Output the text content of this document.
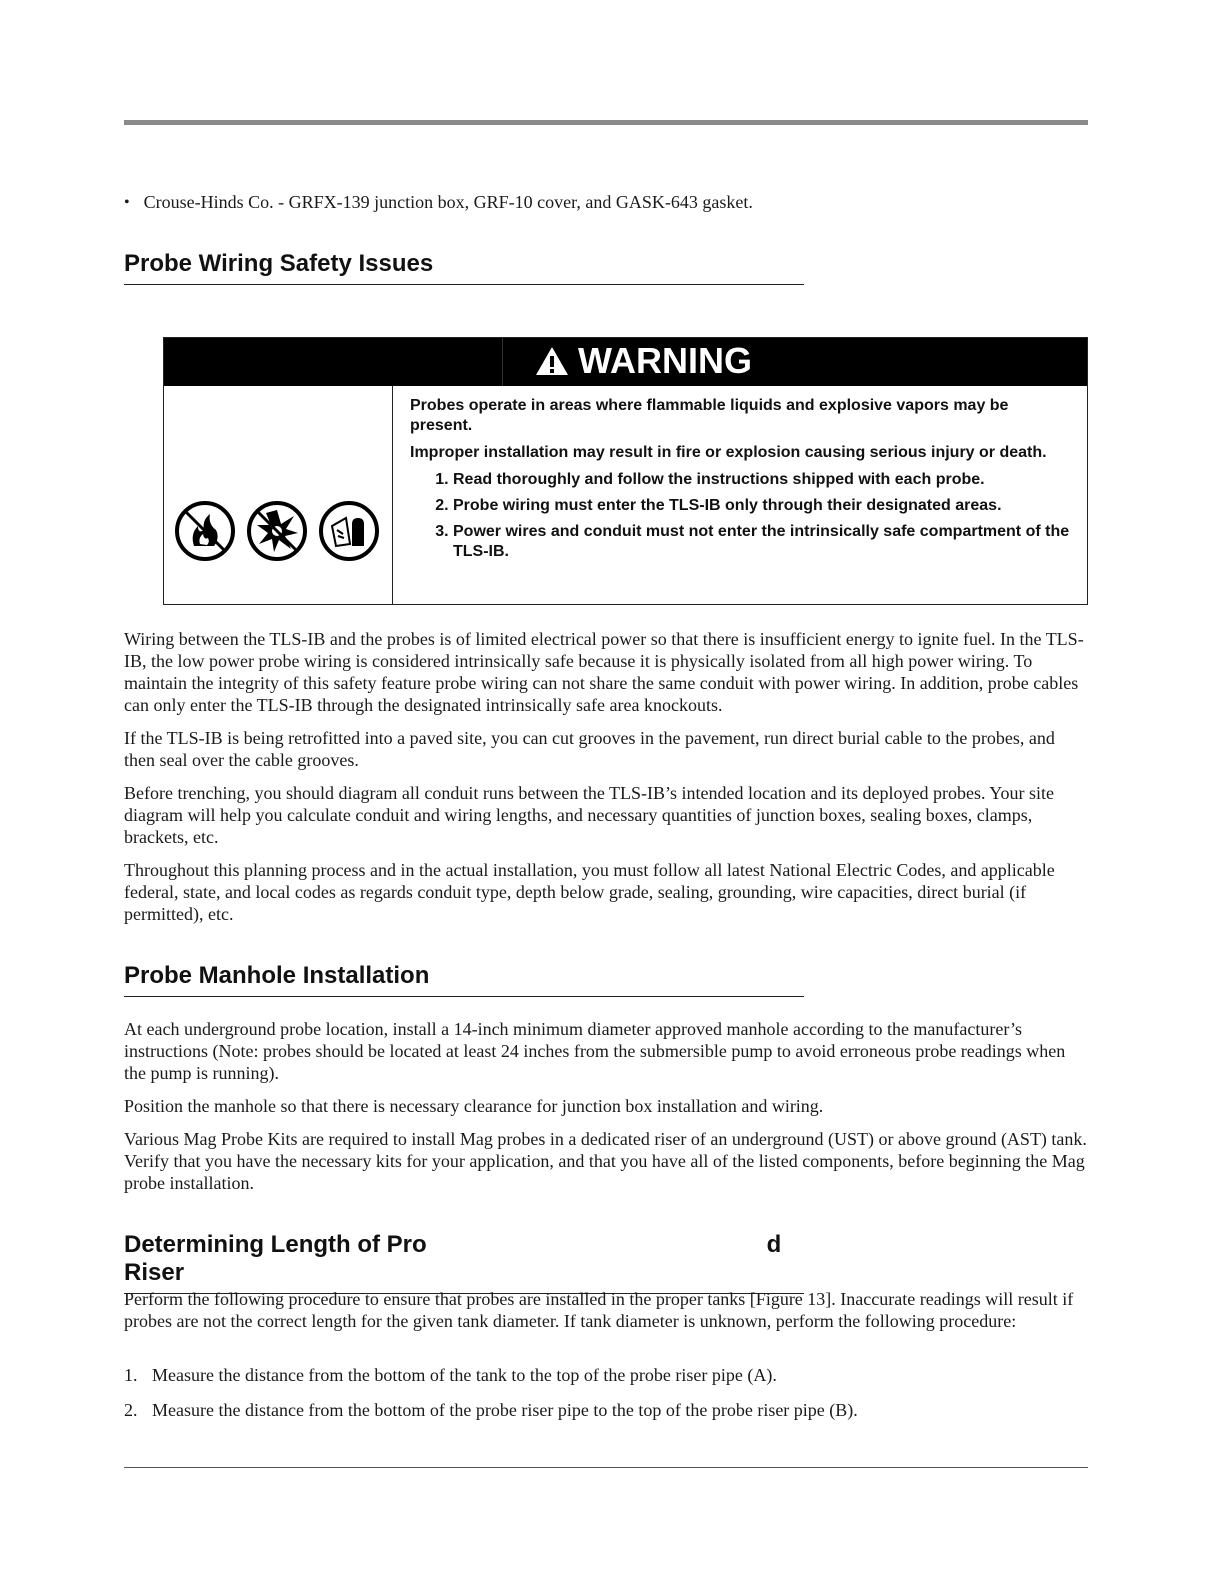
• Crouse-Hinds Co. - GRFX-139 junction box, GRF-10 cover, and GASK-643 gasket.
Probe Wiring Safety Issues
WARNING

Probes operate in areas where flammable liquids and explosive vapors may be present.

Improper installation may result in fire or explosion causing serious injury or death.

1. Read thoroughly and follow the instructions shipped with each probe.
2. Probe wiring must enter the TLS-IB only through their designated areas.
3. Power wires and conduit must not enter the intrinsically safe compartment of the TLS-IB.

Wiring between the TLS-IB and the probes is of limited electrical power so that there is insufficient energy to ignite fuel. In the TLS-IB, the low power probe wiring is considered intrinsically safe because it is physically isolated from all high power wiring. To maintain the integrity of this safety feature probe wiring can not share the same conduit with power wiring. In addition, probe cables can only enter the TLS-IB through the designated intrinsically safe area knockouts.

If the TLS-IB is being retrofitted into a paved site, you can cut grooves in the pavement, run direct burial cable to the probes, and then seal over the cable grooves.

Before trenching, you should diagram all conduit runs between the TLS-IB’s intended location and its deployed probes. Your site diagram will help you calculate conduit and wiring lengths, and necessary quantities of junction boxes, sealing boxes, clamps, brackets, etc.

Throughout this planning process and in the actual installation, you must follow all latest National Electric Codes, and applicable federal, state, and local codes as regards conduit type, depth below grade, sealing, grounding, wire capacities, direct burial (if permitted), etc.

Probe Manhole Installation

At each underground probe location, install a 14-inch minimum diameter approved manhole according to the manufacturer’s instructions (Note: probes should be located at least 24 inches from the submersible pump to avoid erroneous probe readings when the pump is running).

Position the manhole so that there is necessary clearance for junction box installation and wiring.

Various Mag Probe Kits are required to install Mag probes in a dedicated riser of an underground (UST) or above ground (AST) tank. Verify that you have the necessary kits for your application, and that you have all of the listed components, before beginning the Mag probe installation.

Determining Length of Pro	d Riser

Perform the following procedure to ensure that probes are installed in the proper tanks [Figure 13]. Inaccurate readings will result if probes are not the correct length for the given tank diameter. If tank diameter is unknown, perform the following procedure:

1. Measure the distance from the bottom of the tank to the top of the probe riser pipe (A).
2. Measure the distance from the bottom of the probe riser pipe to the top of the probe riser pipe (B).
